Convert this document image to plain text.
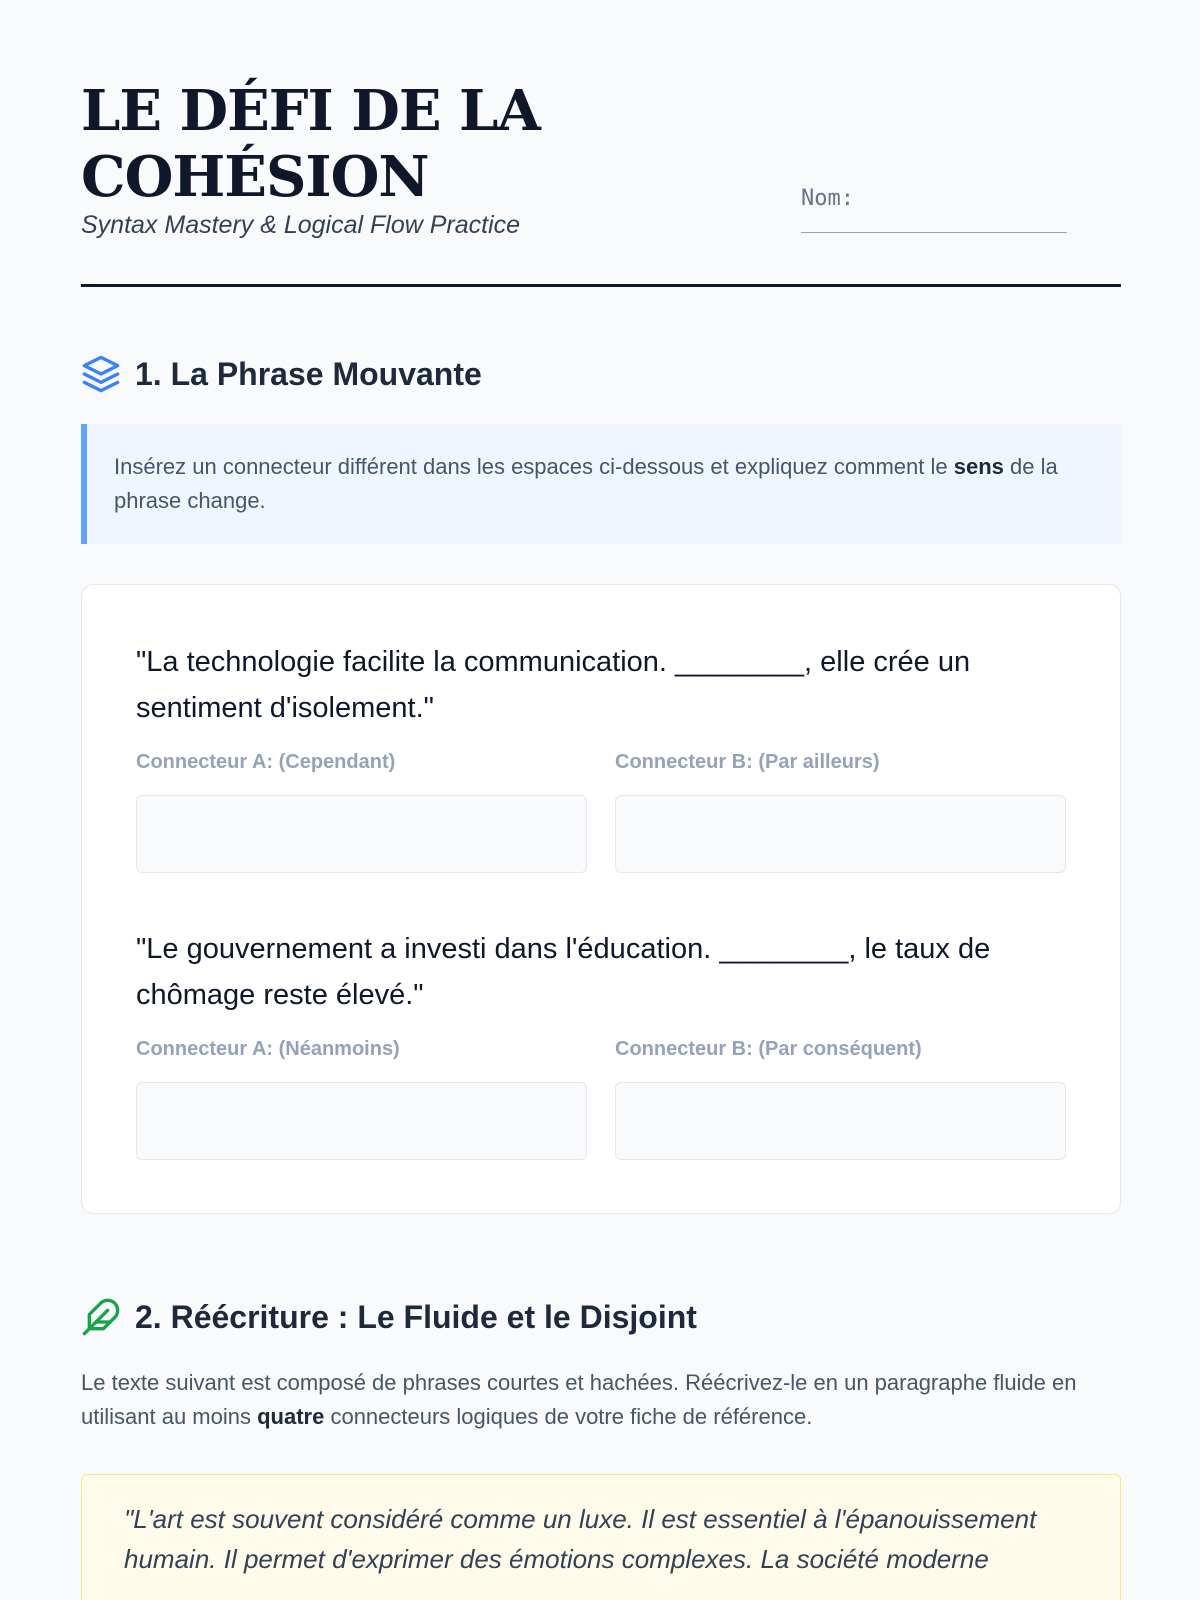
LE DÉFI DE LA
COHÉSION
Syntax Mastery & Logical Flow Practice
Nom:
1. La Phrase Mouvante
Insérez un connecteur différent dans les espaces ci-dessous et expliquez comment le sens de la phrase change.

"La technologie facilite la communication. ________, elle crée un sentiment d'isolement."

Connecteur A: (Cependant)	Connecteur B: (Par ailleurs)

"Le gouvernement a investi dans l'éducation. ________, le taux de chômage reste élevé."

Connecteur A: (Néanmoins)	Connecteur B: (Par conséquent)
2. Réécriture : Le Fluide et le Disjoint
Le texte suivant est composé de phrases courtes et hachées. Réécrivez-le en un paragraphe fluide en utilisant au moins quatre connecteurs logiques de votre fiche de référence.
"L'art est souvent considéré comme un luxe. Il est essentiel à l'épanouissement humain. Il permet d'exprimer des émotions complexes. La société moderne
